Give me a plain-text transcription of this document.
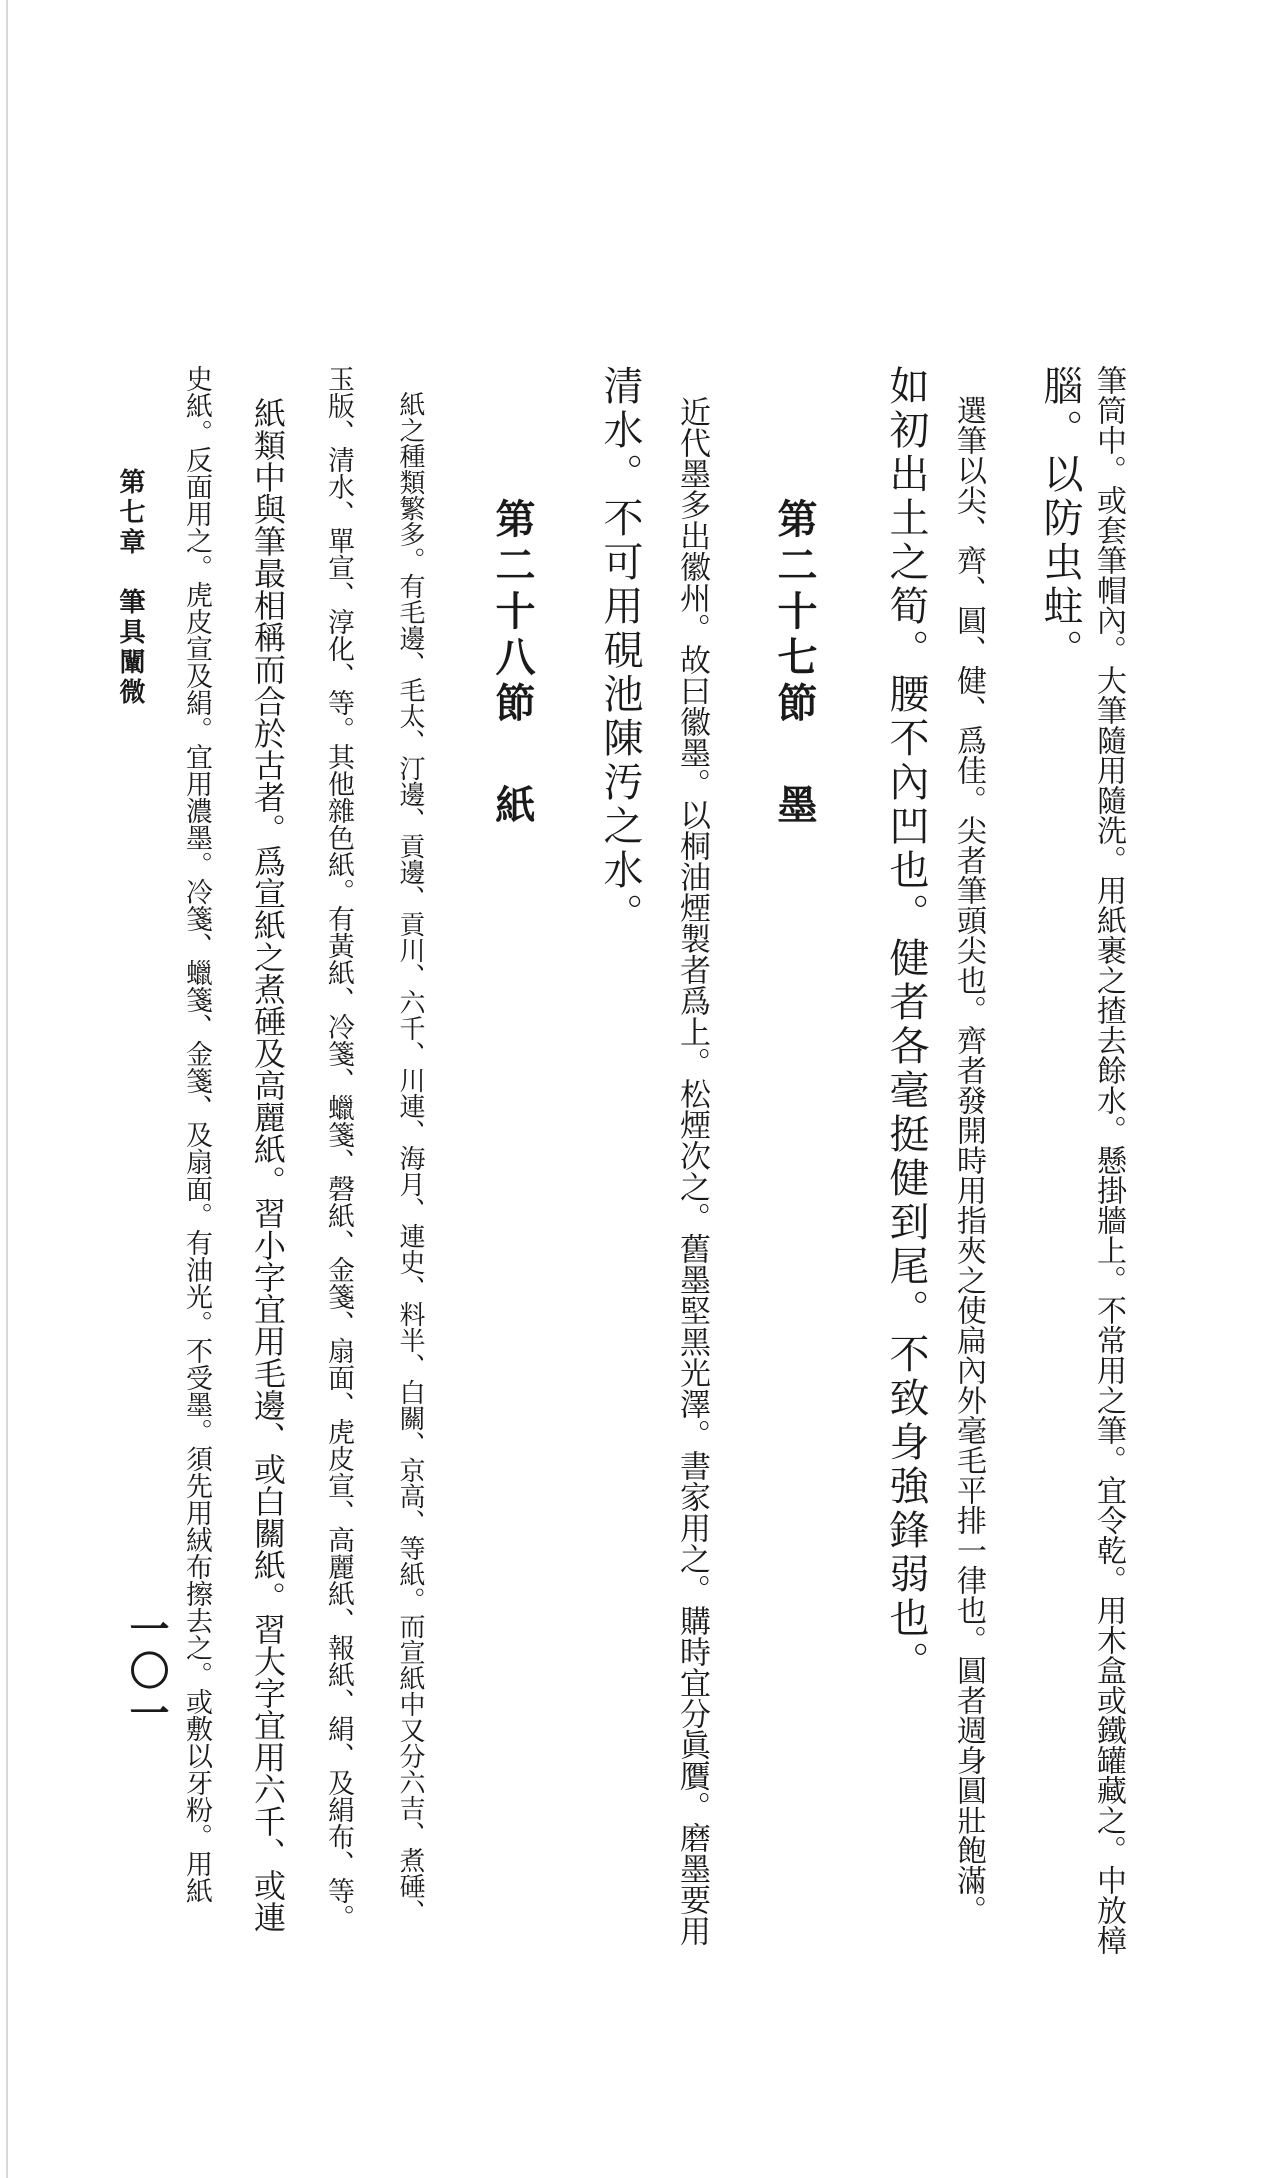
筆筒中。或套筆帽內。大筆隨用隨洗。用紙裹之揸去餘水。懸掛牆上。不常用之筆。宜令乾。用木盒或鐵罐藏之。中放樟
腦。以防虫蛀。
　選筆以尖、齊、圓、健、爲佳。尖者筆頭尖也。齊者發開時用指夾之使扁內外毫毛平排一律也。圓者週身圓壯飽滿。
如初出土之筍。腰不內凹也。健者各毫挺健到尾。不致身強鋒弱也。
第二十七節墨
　近代墨多出徽州。故曰徽墨。以桐油煙製者爲上。松煙次之。舊墨堅黑光澤。書家用之。購時宜分眞贋。磨墨要用
清水。不可用硯池陳汚之水。
第二十八節紙
　紙之種類繁多。有毛邊、毛太、汀邊、貢邊、貢川、六千、川連、海月、連史、料半、白關、京高、等紙。而宣紙中又分六吉、煮硾、
玉版、清水、單宣、淳化、等。其他雜色紙。有黃紙、冷箋、蠟箋、磬紙、金箋、扇面、虎皮宣、高麗紙、報紙、絹、及絹布、等。
　紙類中與筆最相稱而合於古者。爲宣紙之煮硾及高麗紙。習小字宜用毛邊、或白關紙。習大字宜用六千、或連
史紙。反面用之。虎皮宣及絹。宜用濃墨。冷箋、蠟箋、金箋、及扇面。有油光。不受墨。須先用絨布擦去之。或敷以牙粉。用紙
第七章　筆具闡微
一〇一
